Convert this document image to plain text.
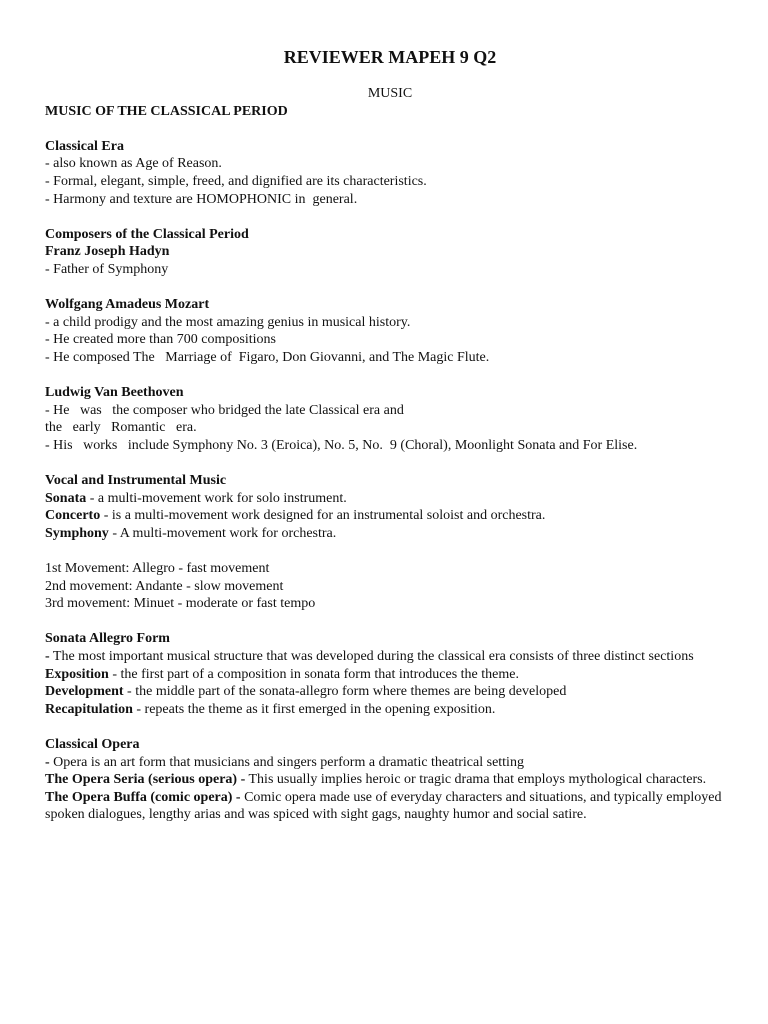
REVIEWER MAPEH 9 Q2
MUSIC
MUSIC OF THE CLASSICAL PERIOD
Classical Era
- also known as Age of Reason.
- Formal, elegant, simple, freed, and dignified are its characteristics.
- Harmony and texture are HOMOPHONIC in  general.
Composers of the Classical Period
Franz Joseph Hadyn
- Father of Symphony
Wolfgang Amadeus Mozart
- a child prodigy and the most amazing genius in musical history.
- He created more than 700 compositions
- He composed The   Marriage of  Figaro, Don Giovanni, and The Magic Flute.
Ludwig Van Beethoven
- He   was   the composer who bridged the late Classical era and
the   early   Romantic   era.
- His   works   include Symphony No. 3 (Eroica), No. 5, No.  9 (Choral), Moonlight Sonata and For Elise.
Vocal and Instrumental Music
Sonata - a multi-movement work for solo instrument.
Concerto - is a multi-movement work designed for an instrumental soloist and orchestra.
Symphony - A multi-movement work for orchestra.
1st Movement: Allegro - fast movement
2nd movement: Andante - slow movement
3rd movement: Minuet - moderate or fast tempo
Sonata Allegro Form
- The most important musical structure that was developed during the classical era consists of three distinct sections
Exposition - the first part of a composition in sonata form that introduces the theme.
Development - the middle part of the sonata-allegro form where themes are being developed
Recapitulation - repeats the theme as it first emerged in the opening exposition.
Classical Opera
- Opera is an art form that musicians and singers perform a dramatic theatrical setting
The Opera Seria (serious opera) - This usually implies heroic or tragic drama that employs mythological characters.
The Opera Buffa (comic opera) - Comic opera made use of everyday characters and situations, and typically employed spoken dialogues, lengthy arias and was spiced with sight gags, naughty humor and social satire.
